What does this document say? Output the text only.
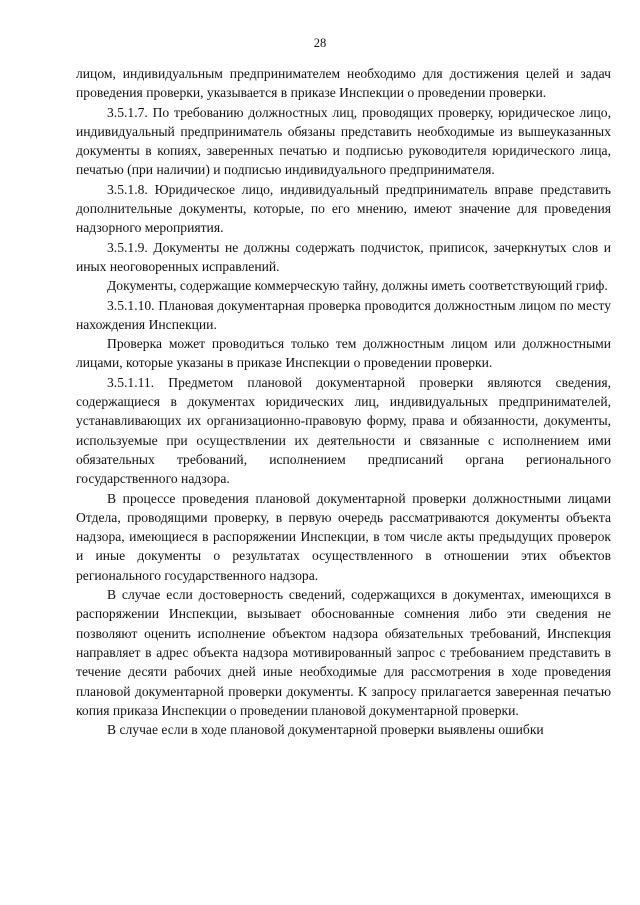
28

лицом, индивидуальным предпринимателем необходимо для достижения целей и задач проведения проверки, указывается в приказе Инспекции о проведении проверки.

3.5.1.7. По требованию должностных лиц, проводящих проверку, юридическое лицо, индивидуальный предприниматель обязаны представить необходимые из вышеуказанных документы в копиях, заверенных печатью и подписью руководителя юридического лица, печатью (при наличии) и подписью индивидуального предпринимателя.

3.5.1.8. Юридическое лицо, индивидуальный предприниматель вправе представить дополнительные документы, которые, по его мнению, имеют значение для проведения надзорного мероприятия.

3.5.1.9. Документы не должны содержать подчисток, приписок, зачеркнутых слов и иных неоговоренных исправлений.

Документы, содержащие коммерческую тайну, должны иметь соответствующий гриф.

3.5.1.10. Плановая документарная проверка проводится должностным лицом по месту нахождения Инспекции.

Проверка может проводиться только тем должностным лицом или должностными лицами, которые указаны в приказе Инспекции о проведении проверки.

3.5.1.11. Предметом плановой документарной проверки являются сведения, содержащиеся в документах юридических лиц, индивидуальных предпринимателей, устанавливающих их организационно-правовую форму, права и обязанности, документы, используемые при осуществлении их деятельности и связанные с исполнением ими обязательных требований, исполнением предписаний органа регионального государственного надзора.

В процессе проведения плановой документарной проверки должностными лицами Отдела, проводящими проверку, в первую очередь рассматриваются документы объекта надзора, имеющиеся в распоряжении Инспекции, в том числе акты предыдущих проверок и иные документы о результатах осуществленного в отношении этих объектов регионального государственного надзора.

В случае если достоверность сведений, содержащихся в документах, имеющихся в распоряжении Инспекции, вызывает обоснованные сомнения либо эти сведения не позволяют оценить исполнение объектом надзора обязательных требований, Инспекция направляет в адрес объекта надзора мотивированный запрос с требованием представить в течение десяти рабочих дней иные необходимые для рассмотрения в ходе проведения плановой документарной проверки документы. К запросу прилагается заверенная печатью копия приказа Инспекции о проведении плановой документарной проверки.

В случае если в ходе плановой документарной проверки выявлены ошибки
